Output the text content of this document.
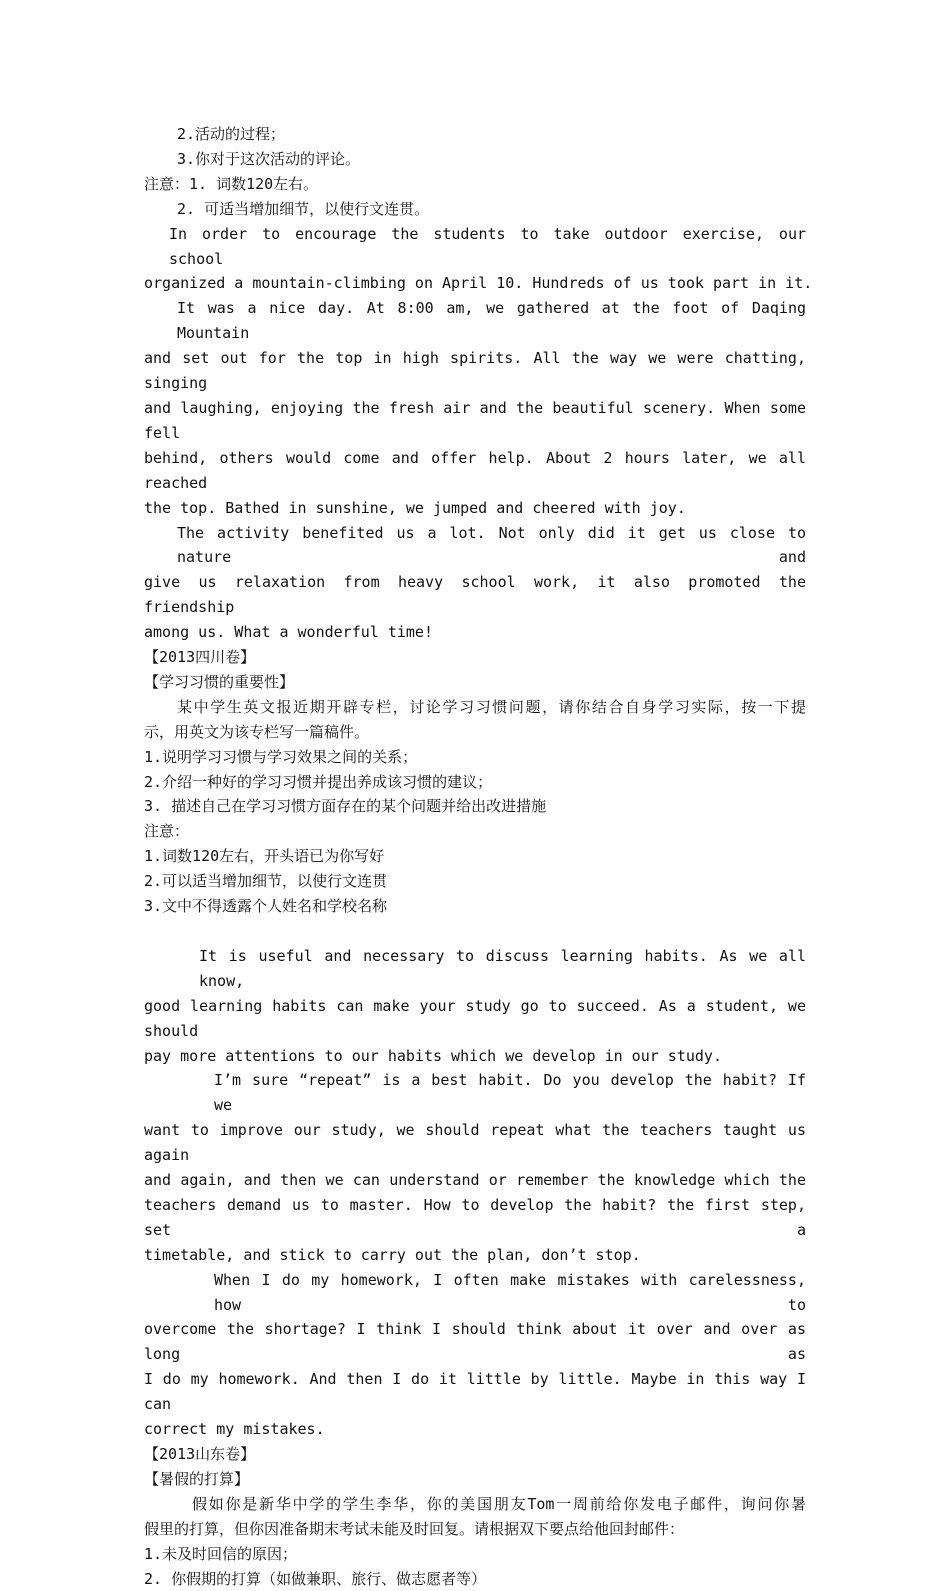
2.活动的过程；
3.你对于这次活动的评论。
注意：1. 词数120左右。
2. 可适当增加细节，以使行文连贯。
In order to encourage the students to take outdoor exercise, our school
organized a mountain-climbing on April 10. Hundreds of us took part in it.
It was a nice day. At 8:00 am, we gathered at the foot of Daqing Mountain
and set out for the top in high spirits. All the way we were chatting, singing
and laughing, enjoying the fresh air and the beautiful scenery. When some fell
behind, others would come and offer help. About 2 hours later, we all reached
the top. Bathed in sunshine, we jumped and cheered with joy.
The activity benefited us a lot. Not only did it get us close to nature and
give us relaxation from heavy school work, it also promoted the friendship
among us. What a wonderful time!
【2013四川卷】
【学习习惯的重要性】
某中学生英文报近期开辟专栏，讨论学习习惯问题，请你结合自身学习实际，按一下提
示，用英文为该专栏写一篇稿件。
1.说明学习习惯与学习效果之间的关系；
2.介绍一种好的学习习惯并提出养成该习惯的建议；
3. 描述自己在学习习惯方面存在的某个问题并给出改进措施
注意：
1.词数120左右，开头语已为你写好
2.可以适当增加细节，以使行文连贯
3.文中不得透露个人姓名和学校名称
It is useful and necessary to discuss learning habits. As we all know,
good learning habits can make your study go to succeed. As a student, we should
pay more attentions to our habits which we develop in our study.
I’m sure “repeat” is a best habit. Do you develop the habit? If we
want to improve our study, we should repeat what the teachers taught us again
and again, and then we can understand or remember the knowledge which the
teachers demand us to master. How to develop the habit? the first step, set a
timetable, and stick to carry out the plan, don’t stop.
When I do my homework, I often make mistakes with carelessness, how to
overcome the shortage? I think I should think about it over and over as long as
I do my homework. And then I do it little by little. Maybe in this way I can
correct my mistakes.
【2013山东卷】
【暑假的打算】
假如你是新华中学的学生李华，你的美国朋友Tom一周前给你发电子邮件，询问你暑
假里的打算，但你因准备期末考试未能及时回复。请根据双下要点给他回封邮件：
1.未及时回信的原因；
2. 你假期的打算（如做兼职、旅行、做志愿者等）
